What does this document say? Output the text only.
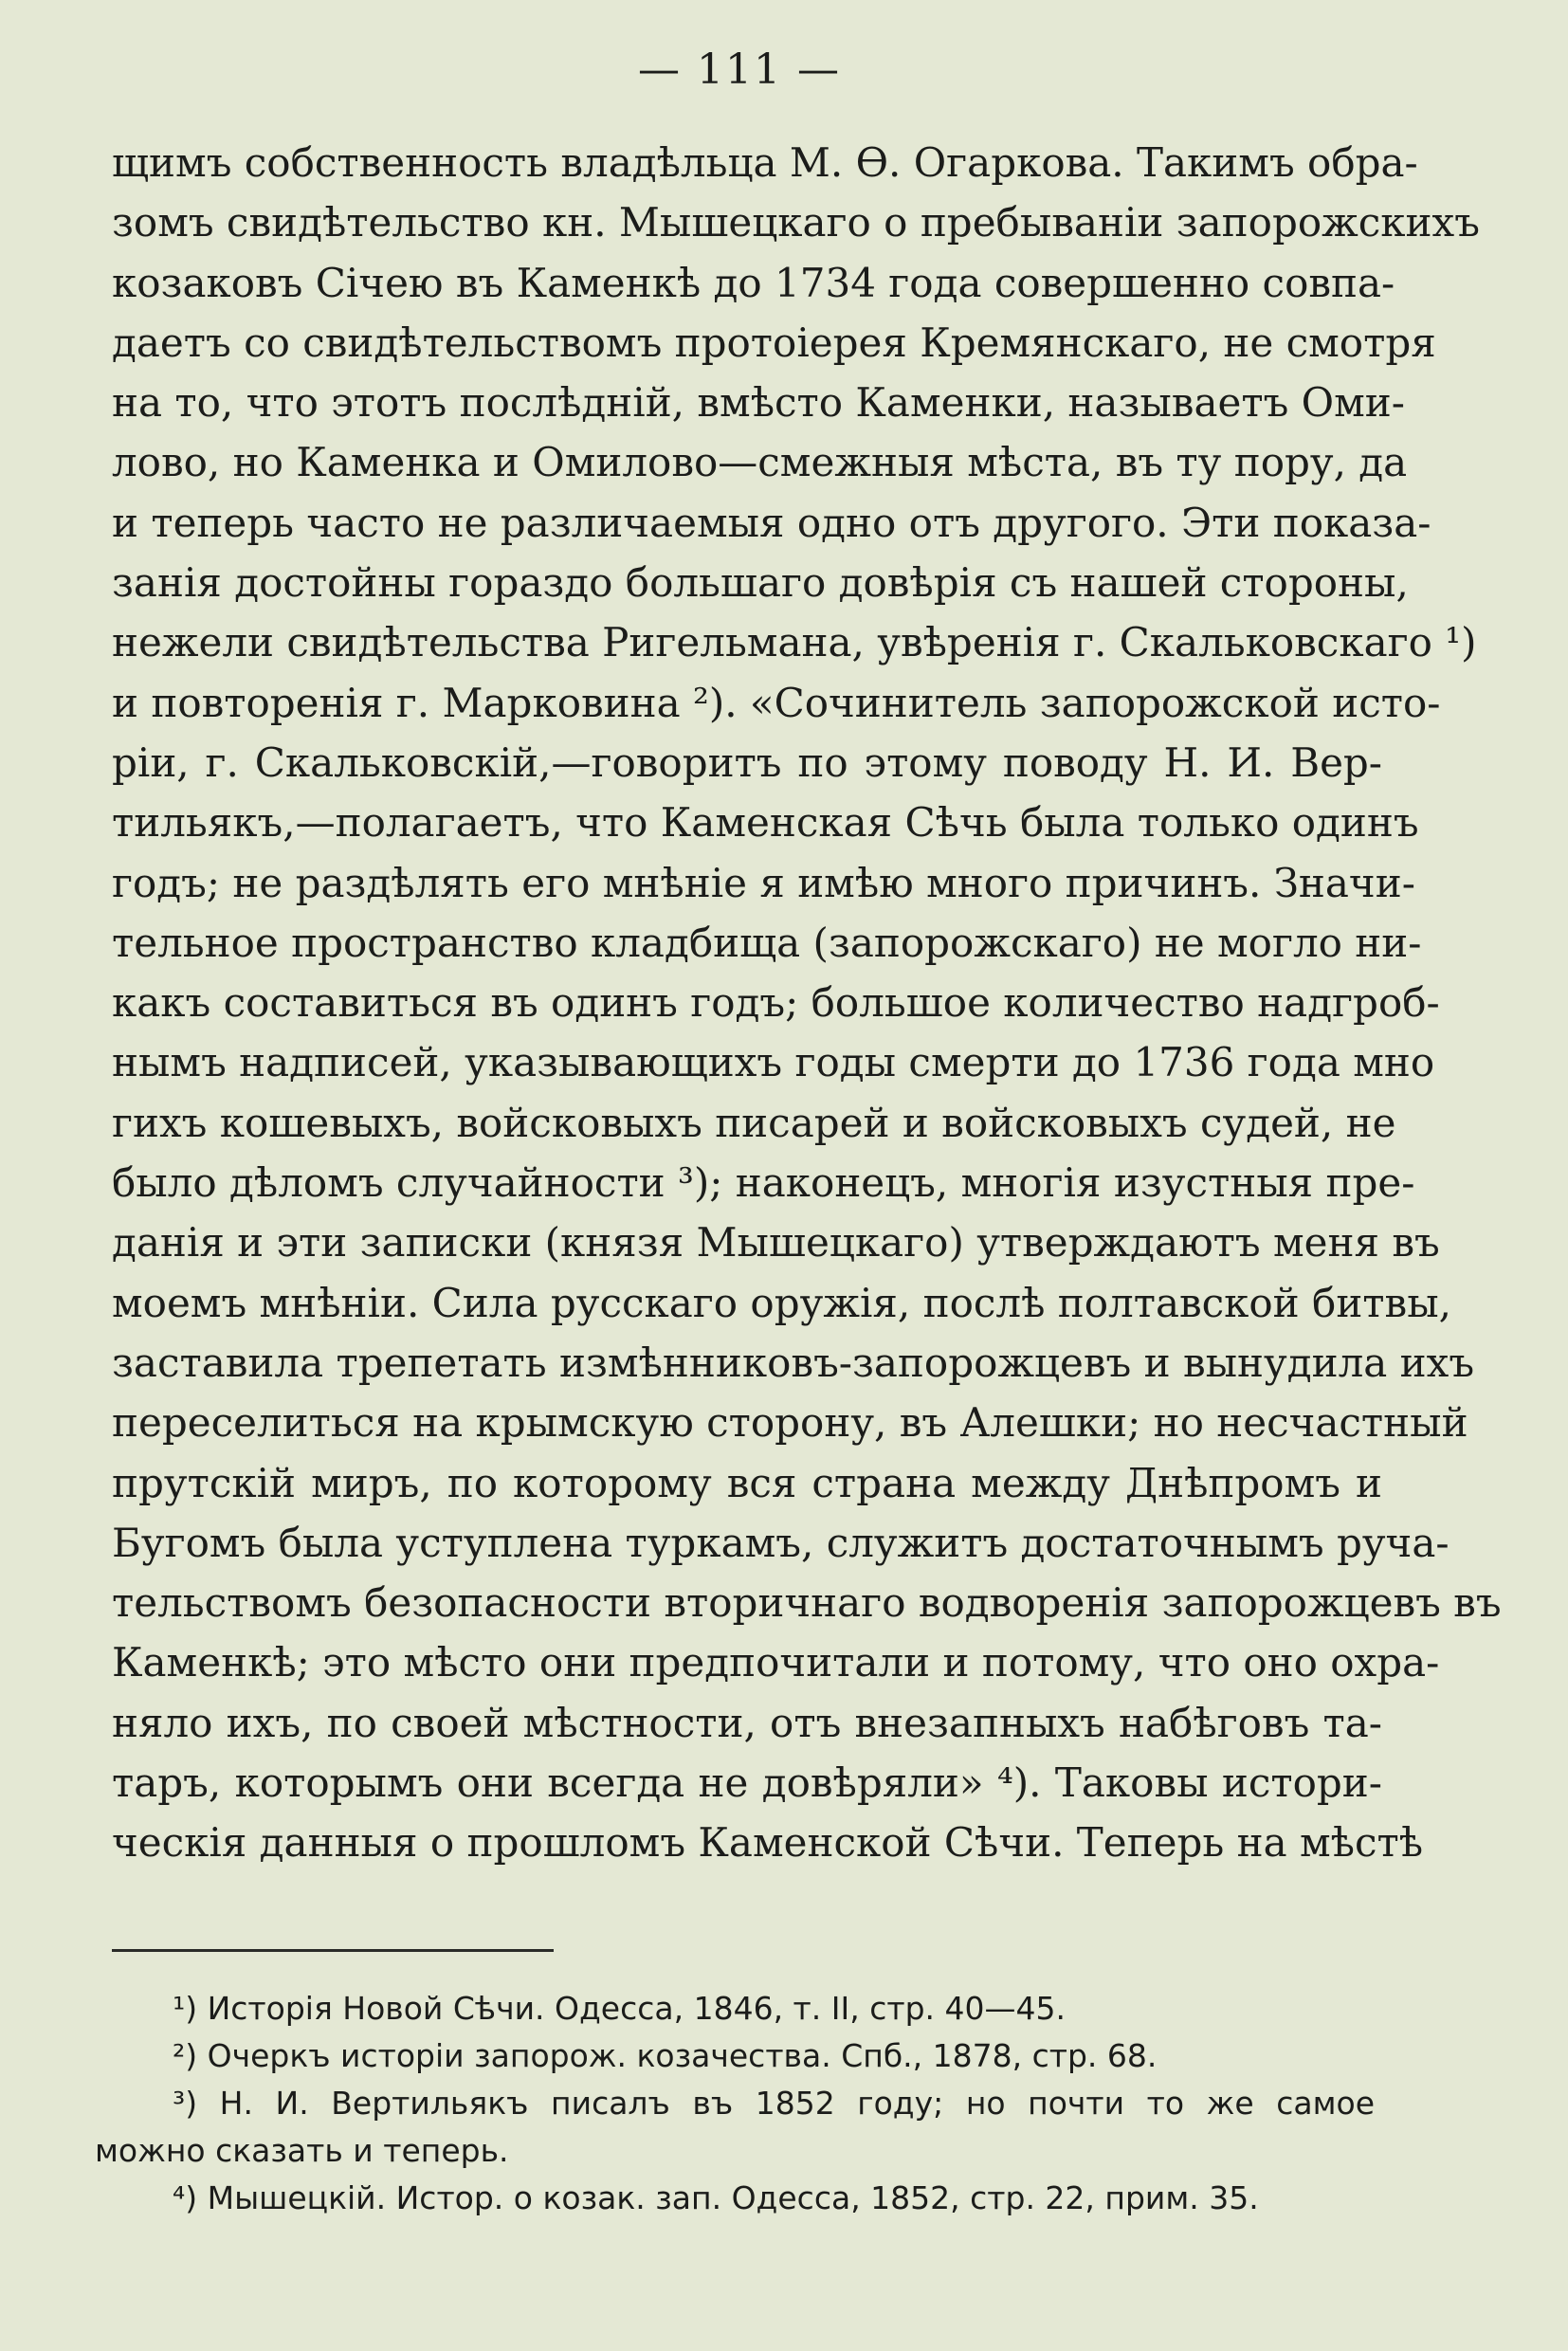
— 111 —
щимъ собственность владѣльца М. Ѳ. Огаркова. Такимъ обра-
зомъ свидѣтельство кн. Мышецкаго о пребываніи запорожскихъ
козаковъ Січею въ Каменкѣ до 1734 года совершенно совпа-
даетъ со свидѣтельствомъ протоіерея Кремянскаго, не смотря
на то, что этотъ послѣдній, вмѣсто Каменки, называетъ Оми-
лово, но Каменка и Омилово—смежныя мѣста, въ ту пору, да
и теперь часто не различаемыя одно отъ другого. Эти показа-
занія достойны гораздо большаго довѣрія съ нашей стороны,
нежели свидѣтельства Ригельмана, увѣренія г. Скальковскаго ¹)
и повторенія г. Марковина ²). «Сочинитель запорожской исто-
ріи, г. Скальковскій,—говоритъ по этому поводу Н. И. Вер-
тильякъ,—полагаетъ, что Каменская Сѣчь была только одинъ
годъ; не раздѣлять его мнѣніе я имѣю много причинъ. Значи-
тельное пространство кладбища (запорожскаго) не могло ни-
какъ составиться въ одинъ годъ; большое количество надгроб-
нымъ надписей, указывающихъ годы смерти до 1736 года мно
гихъ кошевыхъ, войсковыхъ писарей и войсковыхъ судей, не
было дѣломъ случайности ³); наконецъ, многія изустныя пре-
данія и эти записки (князя Мышецкаго) утверждаютъ меня въ
моемъ мнѣніи. Сила русскаго оружія, послѣ полтавской битвы,
заставила трепетать измѣнниковъ-запорожцевъ и вынудила ихъ
переселиться на крымскую сторону, въ Алешки; но несчастный
прутскій миръ, по которому вся страна между Днѣпромъ и
Бугомъ была уступлена туркамъ, служитъ достаточнымъ руча-
тельствомъ безопасности вторичнаго водворенія запорожцевъ въ
Каменкѣ; это мѣсто они предпочитали и потому, что оно охра-
няло ихъ, по своей мѣстности, отъ внезапныхъ набѣговъ та-
таръ, которымъ они всегда не довѣряли» ⁴). Таковы истори-
ческія данныя о прошломъ Каменской Сѣчи. Теперь на мѣстѣ
¹) Исторія Новой Сѣчи. Одесса, 1846, т. II, стр. 40—45.
²) Очеркъ исторіи запорож. козачества. Спб., 1878, стр. 68.
³) Н. И. Вертильякъ писалъ въ 1852 году; но почти то же самое
можно сказать и теперь.
⁴) Мышецкій. Истор. о козак. зап. Одесса, 1852, стр. 22, прим. 35.
